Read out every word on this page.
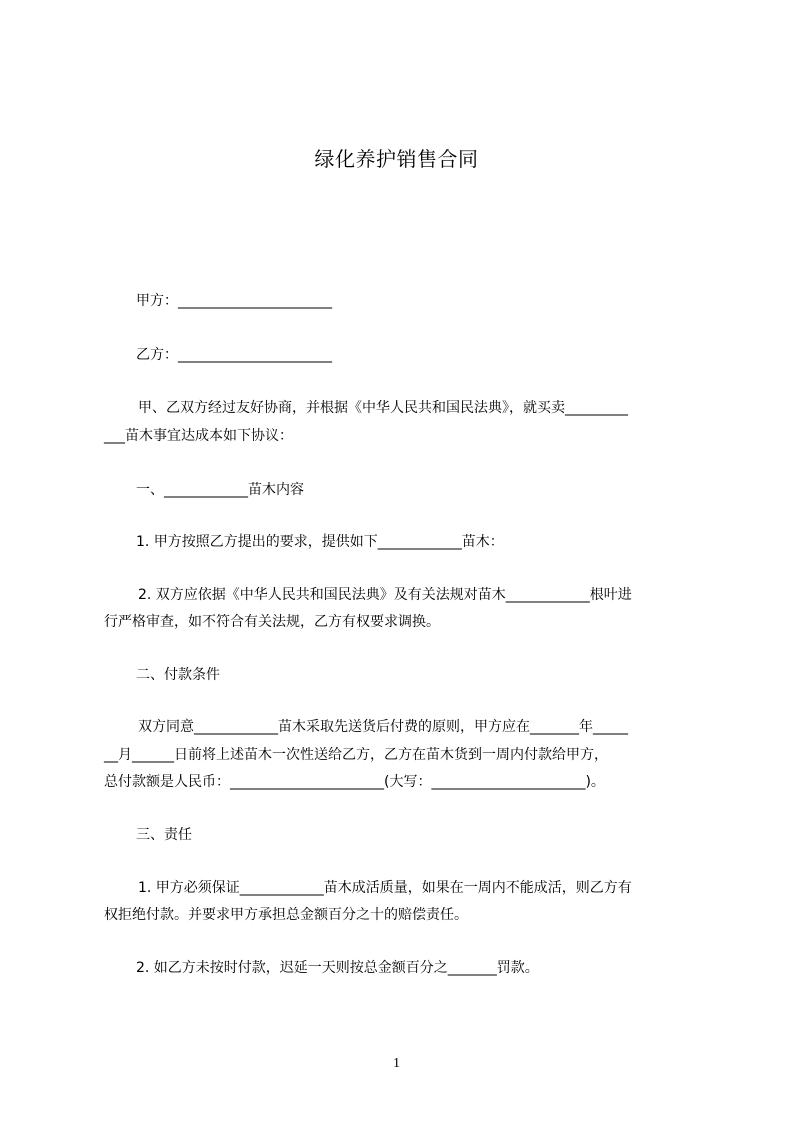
绿化养护销售合同
甲方：______________________
乙方：______________________
甲、乙双方经过友好协商，并根据《中华人民共和国民法典》，就买卖_________
___苗木事宜达成本如下协议：
一、____________苗木内容
1. 甲方按照乙方提出的要求，提供如下____________苗木：
2. 双方应依据《中华人民共和国民法典》及有关法规对苗木____________根叶进
行严格审查，如不符合有关法规，乙方有权要求调换。
二、付款条件
双方同意____________苗木采取先送货后付费的原则，甲方应在_______年_____
__月______日前将上述苗木一次性送给乙方，乙方在苗木货到一周内付款给甲方，
总付款额是人民币：______________________(大写：______________________)。
三、责任
1. 甲方必须保证____________苗木成活质量，如果在一周内不能成活，则乙方有
权拒绝付款。并要求甲方承担总金额百分之十的赔偿责任。
2. 如乙方未按时付款，迟延一天则按总金额百分之_______罚款。
1
